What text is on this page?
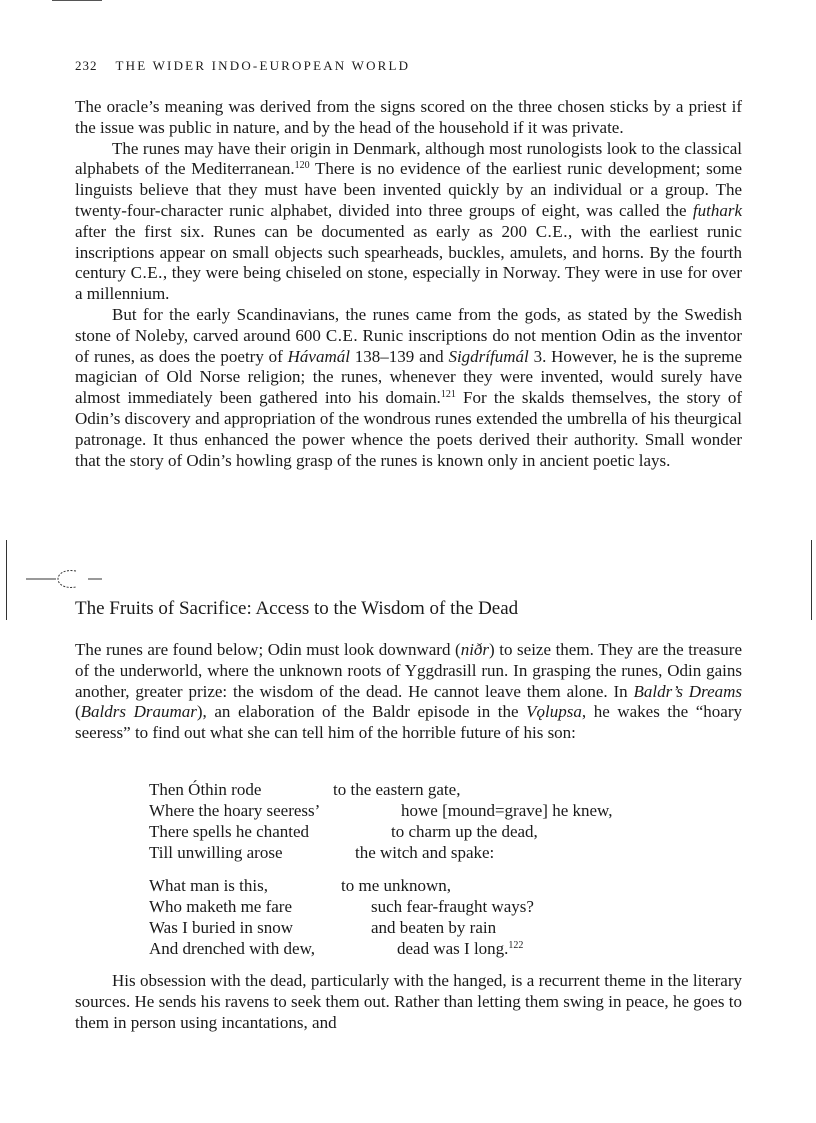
232 THE WIDER INDO-EUROPEAN WORLD

The oracle’s meaning was derived from the signs scored on the three chosen sticks by a priest if the issue was public in nature, and by the head of the household if it was private.

The runes may have their origin in Denmark, although most runologists look to the classical alphabets of the Mediterranean.$^{120}$ There is no evidence of the earliest runic development; some linguists believe that they must have been invented quickly by an individual or a group. The twenty-four-character runic alphabet, divided into three groups of eight, was called the futhark after the first six. Runes can be documented as early as 200 C.E., with the earliest runic inscriptions appear on small objects such spearheads, buckles, amulets, and horns. By the fourth century C.E., they were being chiseled on stone, especially in Norway. They were in use for over a millennium.

But for the early Scandinavians, the runes came from the gods, as stated by the Swedish stone of Noleby, carved around 600 C.E. Runic inscriptions do not mention Odin as the inventor of runes, as does the poetry of Hávamál 138–139 and Sigdrífumál 3. However, he is the supreme magician of Old Norse religion; the runes, whenever they were invented, would surely have almost immediately been gathered into his domain.$^{121}$ For the skalds themselves, the story of Odin’s discovery and appropriation of the wondrous runes extended the umbrella of his theurgical patronage. It thus enhanced the power whence the poets derived their authority. Small wonder that the story of Odin’s howling grasp of the runes is known only in ancient poetic lays.

The Fruits of Sacrifice: Access to the Wisdom of the Dead

The runes are found below; Odin must look downward (niðr) to seize them. They are the treasure of the underworld, where the unknown roots of Yggdrasill run. In grasping the runes, Odin gains another, greater prize: the wisdom of the dead. He cannot leave them alone. In Baldr’s Dreams (Baldrs Draumar), an elaboration of the Baldr episode in the Vǫlupsa, he wakes the “hoary seeress” to find out what she can tell him of the horrible future of his son:

Then Óthin rode	to the eastern gate,
Where the hoary seeress’	howe [mound=grave] he knew,
There spells he chanted	to charm up the dead,
Till unwilling arose	the witch and spake:
What man is this,	to me unknown,
Who maketh me fare	such fear-fraught ways?
Was I buried in snow	and beaten by rain
And drenched with dew,	dead was I long.$^{122}$

His obsession with the dead, particularly with the hanged, is a recurrent theme in the literary sources. He sends his ravens to seek them out. Rather than letting them swing in peace, he goes to them in person using incantations, and
